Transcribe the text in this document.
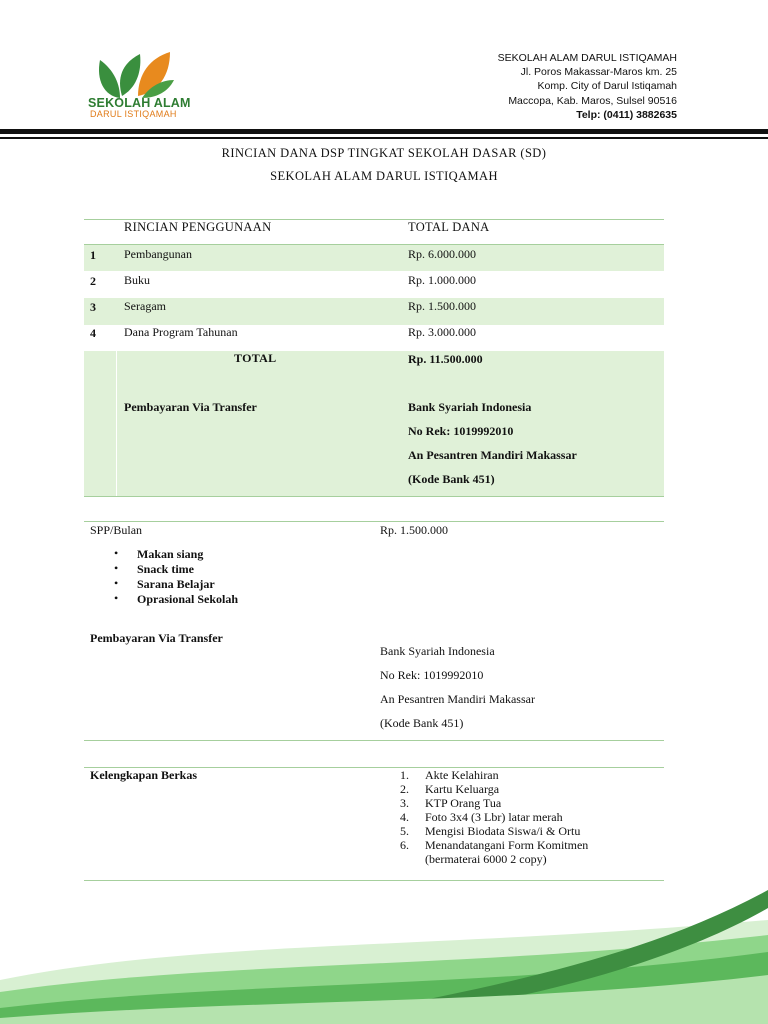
SEKOLAH ALAM
DARUL ISTIQAMAH
SEKOLAH ALAM DARUL ISTIQAMAH
Jl. Poros Makassar-Maros km. 25
Komp. City of Darul Istiqamah
Maccopa, Kab. Maros, Sulsel 90516
Telp: (0411) 3882635
RINCIAN DANA DSP TINGKAT SEKOLAH DASAR (SD)
SEKOLAH ALAM DARUL ISTIQAMAH
RINCIAN PENGGUNAAN	TOTAL DANA
1 Pembangunan	Rp. 6.000.000
2 Buku	Rp. 1.000.000
3 Seragam	Rp. 1.500.000
4 Dana Program Tahunan	Rp. 3.000.000
TOTAL	Rp. 11.500.000
Pembayaran Via Transfer	Bank Syariah Indonesia
No Rek: 1019992010
An Pesantren Mandiri Makassar
(Kode Bank 451)
SPP/Bulan	Rp. 1.500.000
• Makan siang
• Snack time
• Sarana Belajar
• Oprasional Sekolah
Pembayaran Via Transfer
Bank Syariah Indonesia
No Rek: 1019992010
An Pesantren Mandiri Makassar
(Kode Bank 451)
Kelengkapan Berkas	1. Akte Kelahiran
2. Kartu Keluarga
3. KTP Orang Tua
4. Foto 3x4 (3 Lbr) latar merah
5. Mengisi Biodata Siswa/i & Ortu
6. Menandatangani Form Komitmen
(bermaterai 6000 2 copy)
